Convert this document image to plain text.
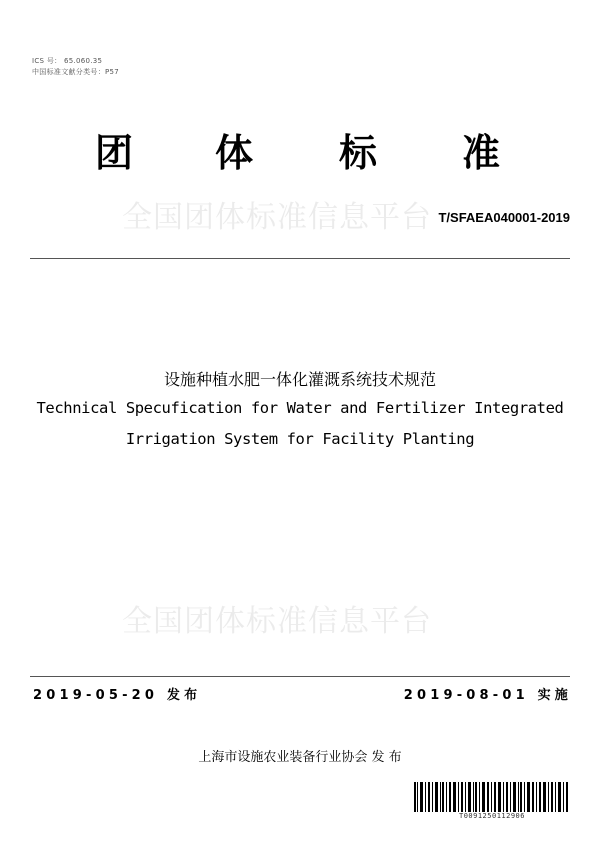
ICS 号： 65.060.35
中国标准文献分类号：P57
团 体 标 准
全国团体标准信息平台 T/SFAEA040001-2019
设施种植水肥一体化灌溉系统技术规范
Technical Specufication for Water and Fertilizer Integrated
Irrigation System for Facility Planting
全国团体标准信息平台
2019-05-20 发布	2019-08-01 实施
上海市设施农业装备行业协会 发 布
T0091250112906
